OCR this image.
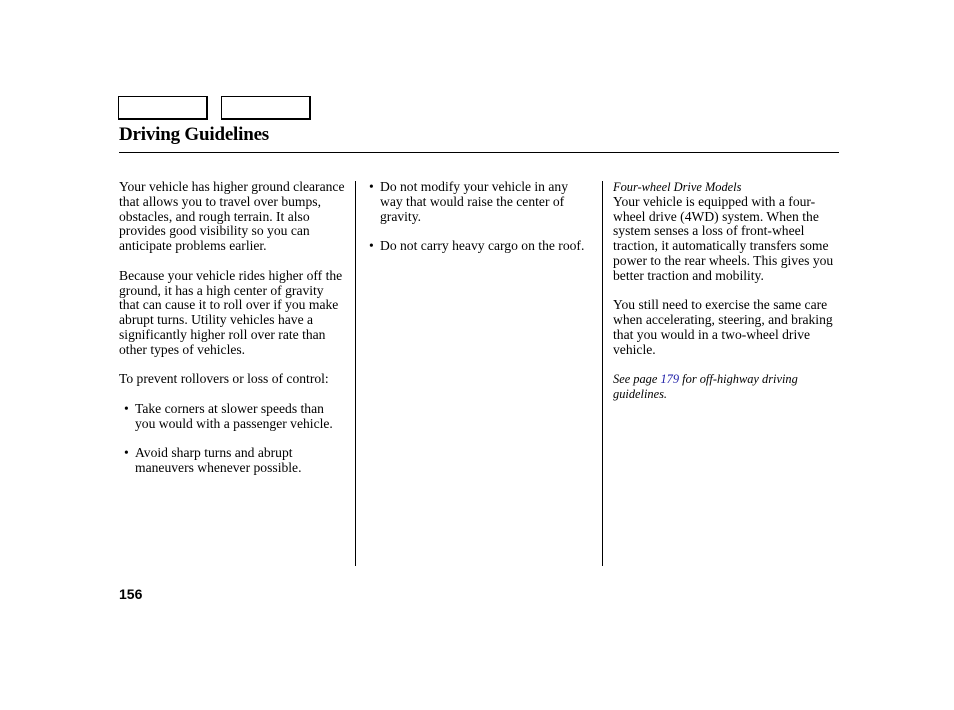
Driving Guidelines

Your vehicle has higher ground clearance that allows you to travel over bumps, obstacles, and rough terrain. It also provides good visibility so you can anticipate problems earlier.

Because your vehicle rides higher off the ground, it has a high center of gravity that can cause it to roll over if you make abrupt turns. Utility vehicles have a significantly higher roll over rate than other types of vehicles.

To prevent rollovers or loss of control:

• Take corners at slower speeds than you would with a passenger vehicle.
• Avoid sharp turns and abrupt maneuvers whenever possible.
• Do not modify your vehicle in any way that would raise the center of gravity.
• Do not carry heavy cargo on the roof.
Four-wheel Drive Models

Your vehicle is equipped with a four-wheel drive (4WD) system. When the system senses a loss of front-wheel traction, it automatically transfers some power to the rear wheels. This gives you better traction and mobility.

You still need to exercise the same care when accelerating, steering, and braking that you would in a two-wheel drive vehicle.

See page 179 for off-highway driving guidelines.

156
